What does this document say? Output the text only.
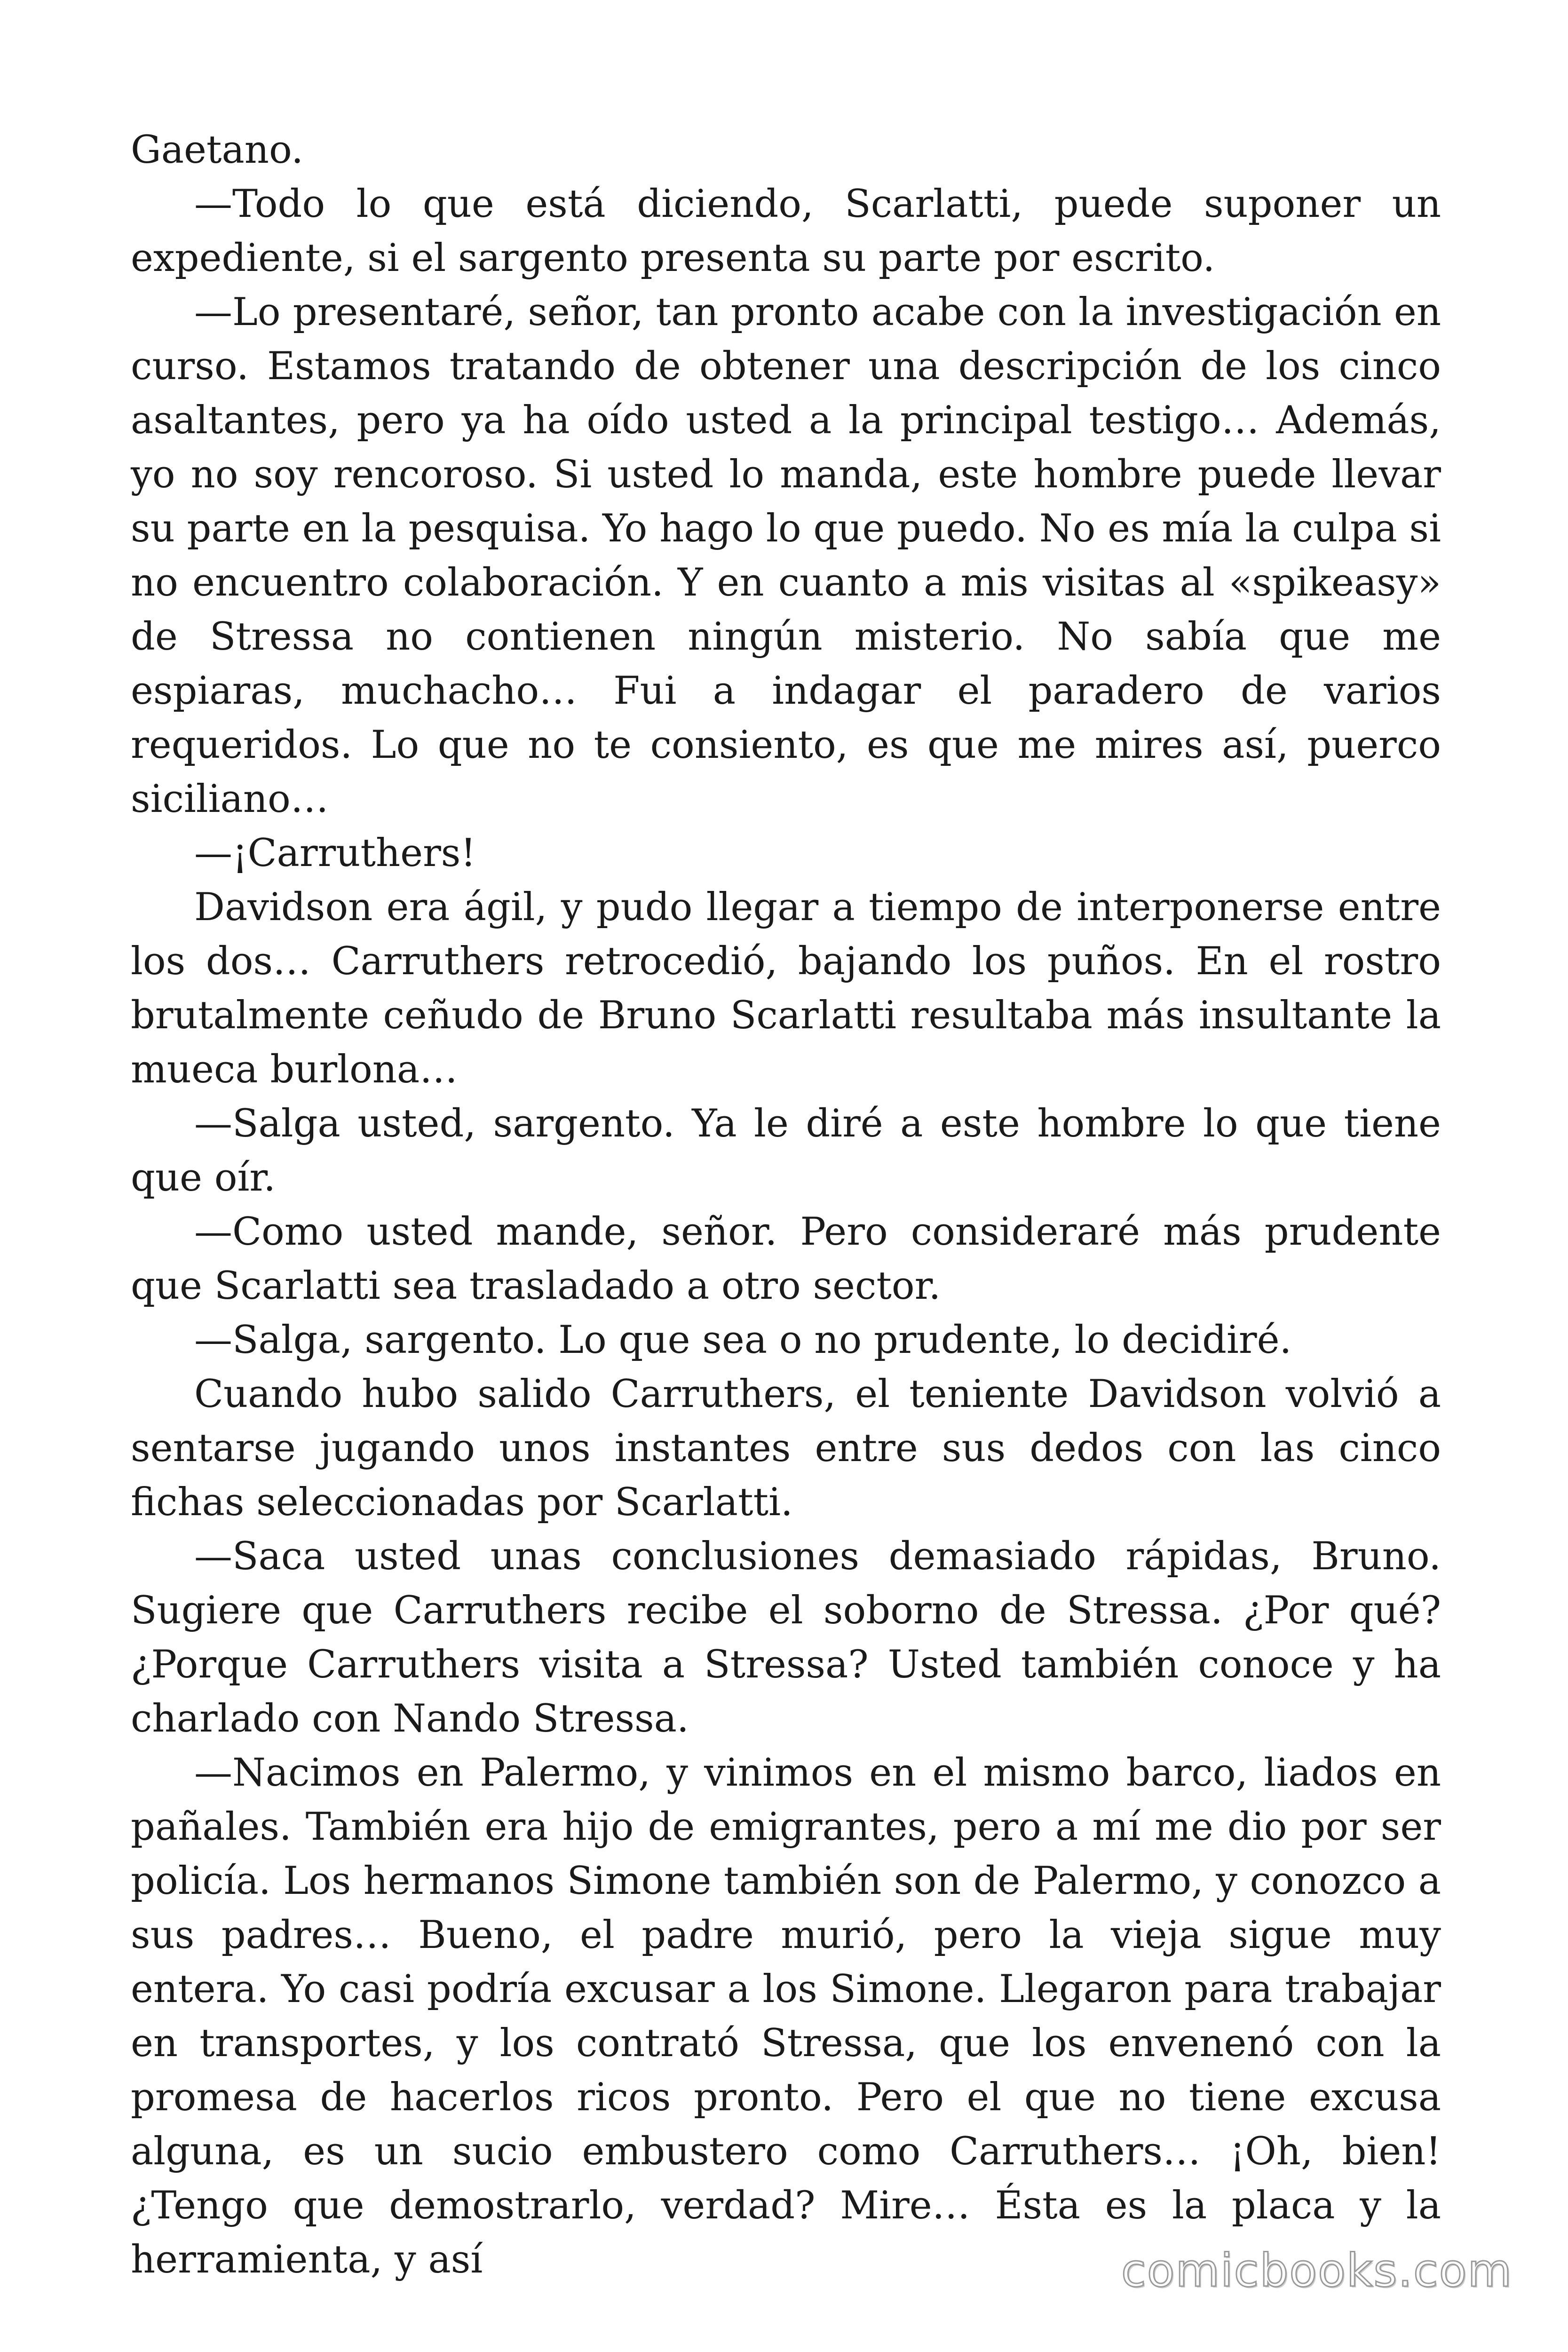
Gaetano.

—Todo lo que está diciendo, Scarlatti, puede suponer un expediente, si el sargento presenta su parte por escrito.

—Lo presentaré, señor, tan pronto acabe con la investigación en curso. Estamos tratando de obtener una descripción de los cinco asaltantes, pero ya ha oído usted a la principal testigo… Además, yo no soy rencoroso. Si usted lo manda, este hombre puede llevar su parte en la pesquisa. Yo hago lo que puedo. No es mía la culpa si no encuentro colaboración. Y en cuanto a mis visitas al «spikeasy» de Stressa no contienen ningún misterio. No sabía que me espiaras, muchacho… Fui a indagar el paradero de varios requeridos. Lo que no te consiento, es que me mires así, puerco siciliano…

—¡Carruthers!

Davidson era ágil, y pudo llegar a tiempo de interponerse entre los dos… Carruthers retrocedió, bajando los puños. En el rostro brutalmente ceñudo de Bruno Scarlatti resultaba más insultante la mueca burlona…

—Salga usted, sargento. Ya le diré a este hombre lo que tiene que oír.

—Como usted mande, señor. Pero consideraré más prudente que Scarlatti sea trasladado a otro sector.

—Salga, sargento. Lo que sea o no prudente, lo decidiré.

Cuando hubo salido Carruthers, el teniente Davidson volvió a sentarse jugando unos instantes entre sus dedos con las cinco fichas seleccionadas por Scarlatti.

—Saca usted unas conclusiones demasiado rápidas, Bruno. Sugiere que Carruthers recibe el soborno de Stressa. ¿Por qué? ¿Porque Carruthers visita a Stressa? Usted también conoce y ha charlado con Nando Stressa.

—Nacimos en Palermo, y vinimos en el mismo barco, liados en pañales. También era hijo de emigrantes, pero a mí me dio por ser policía. Los hermanos Simone también son de Palermo, y conozco a sus padres… Bueno, el padre murió, pero la vieja sigue muy entera. Yo casi podría excusar a los Simone. Llegaron para trabajar en transportes, y los contrató Stressa, que los envenenó con la promesa de hacerlos ricos pronto. Pero el que no tiene excusa alguna, es un sucio embustero como Carruthers… ¡Oh, bien! ¿Tengo que demostrarlo, verdad? Mire… Ésta es la placa y la herramienta, y así	comicbooks.com
